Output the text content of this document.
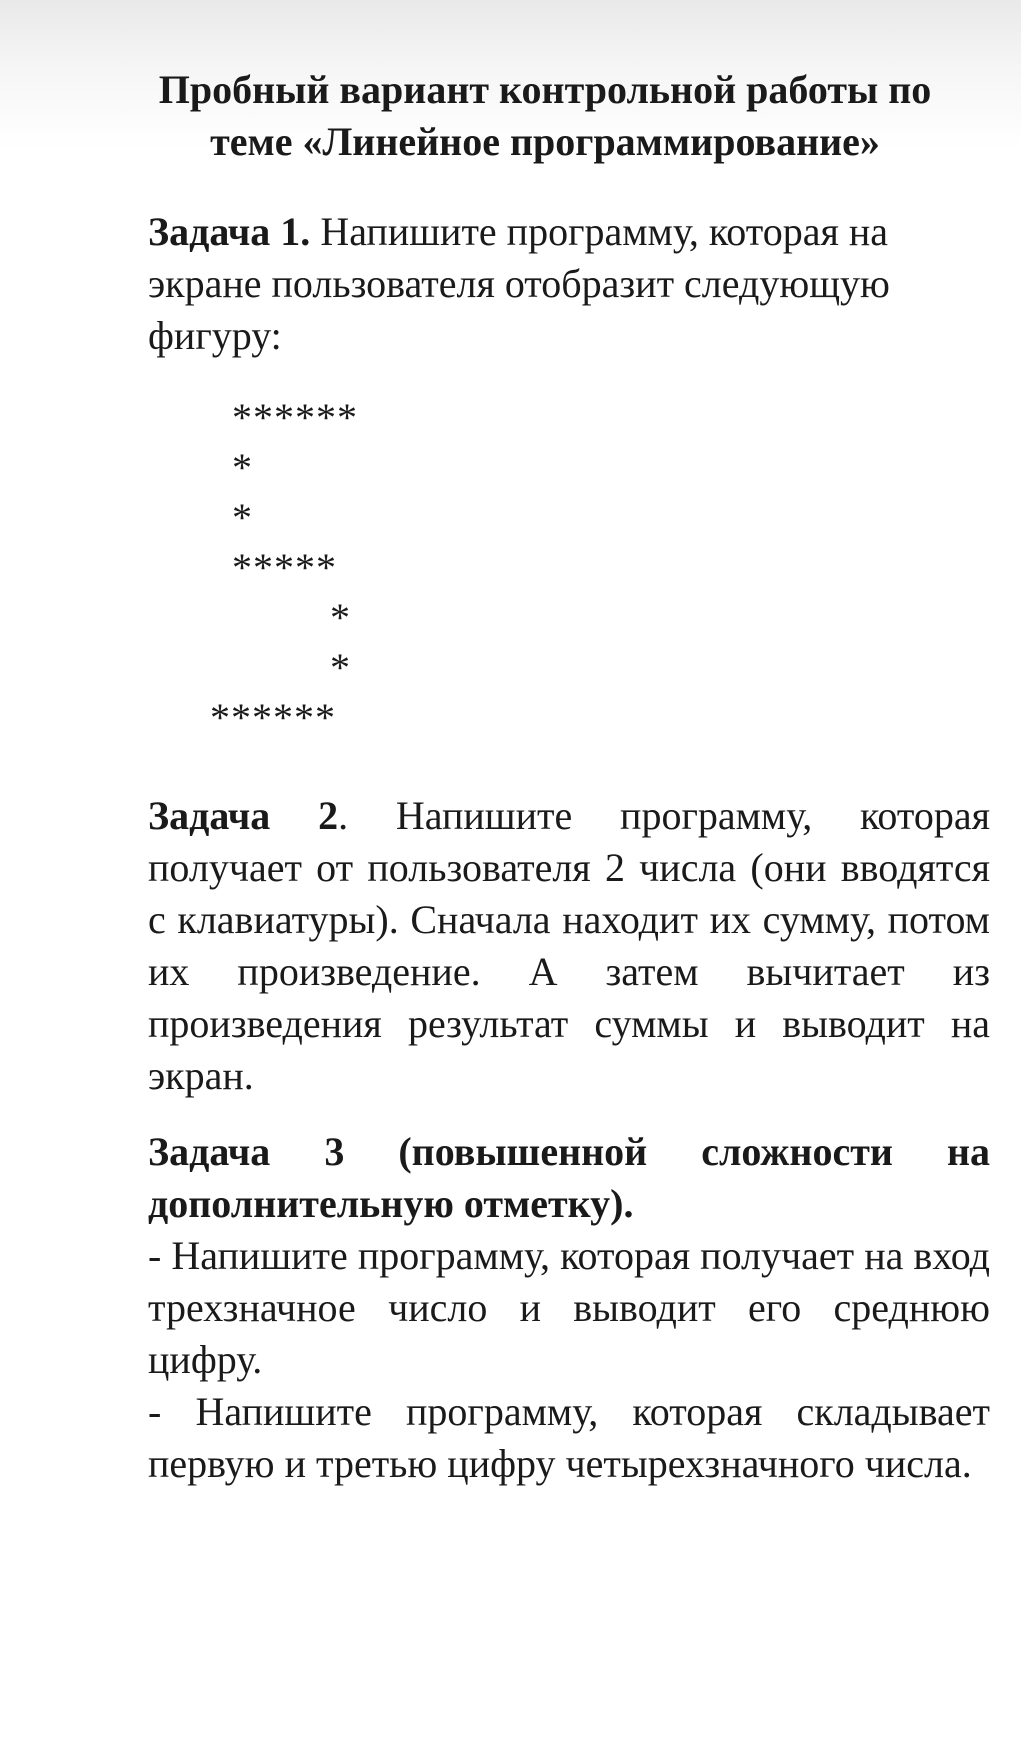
Пробный вариант контрольной работы по
теме «Линейное программирование»

Задача 1. Напишите программу, которая на экране пользователя отобразит следующую фигуру:

******
*
*
*****
*
*
******

Задача 2. Напишите программу, которая получает от пользователя 2 числа (они вводятся с клавиатуры). Сначала находит их сумму, потом их произведение. А затем вычитает из произведения результат суммы и выводит на экран.

Задача 3 (повышенной сложности на дополнительную отметку).
- Напишите программу, которая получает на вход трехзначное число и выводит его среднюю цифру.
- Напишите программу, которая складывает первую и третью цифру четырехзначного числа.
